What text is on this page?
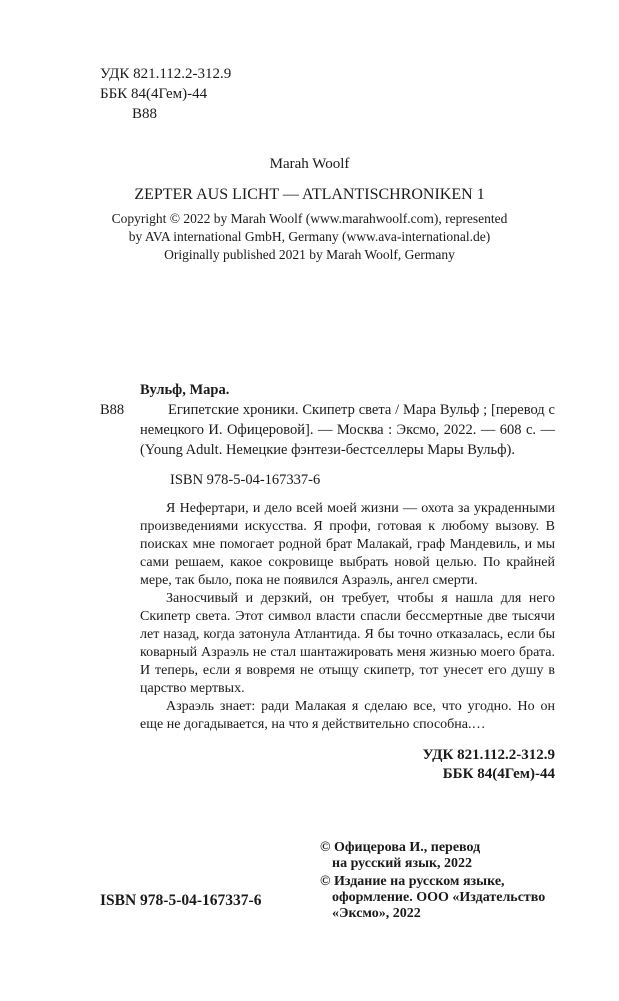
УДК 821.112.2-312.9
ББК 84(4Гем)-44
В88
Marah Woolf
ZEPTER AUS LICHT — ATLANTISCHRONIKEN 1
Copyright © 2022 by Marah Woolf (www.marahwoolf.com), represented
by AVA international GmbH, Germany (www.ava-international.de)
Originally published 2021 by Marah Woolf, Germany
Вульф, Мара.

В88	Египетские хроники. Скипетр света / Мара Вульф ; [перевод с немецкого И. Офицеровой]. — Москва : Эксмо, 2022. — 608 с. — (Young Adult. Немецкие фэнтези-бестселлеры Мары Вульф).

ISBN 978-5-04-167337-6

Я Нефертари, и дело всей моей жизни — охота за украденными произведениями искусства. Я профи, готовая к любому вызову. В поисках мне помогает родной брат Малакай, граф Мандевиль, и мы сами решаем, какое сокровище выбрать новой целью. По крайней мере, так было, пока не появился Азраэль, ангел смерти.

Заносчивый и дерзкий, он требует, чтобы я нашла для него Скипетр света. Этот символ власти спасли бессмертные две тысячи лет назад, когда затонула Атлантида. Я бы точно отказалась, если бы коварный Азраэль не стал шантажировать меня жизнью моего брата. И теперь, если я вовремя не отыщу скипетр, тот унесет его душу в царство мертвых.

Азраэль знает: ради Малакая я сделаю все, что угодно. Но он еще не догадывается, на что я действительно способна.…

УДК 821.112.2-312.9
ББК 84(4Гем)-44
© Офицерова И., перевод
на русский язык, 2022
© Издание на русском языке,
оформление. ООО «Издательство
«Эксмо», 2022
ISBN 978-5-04-167337-6
